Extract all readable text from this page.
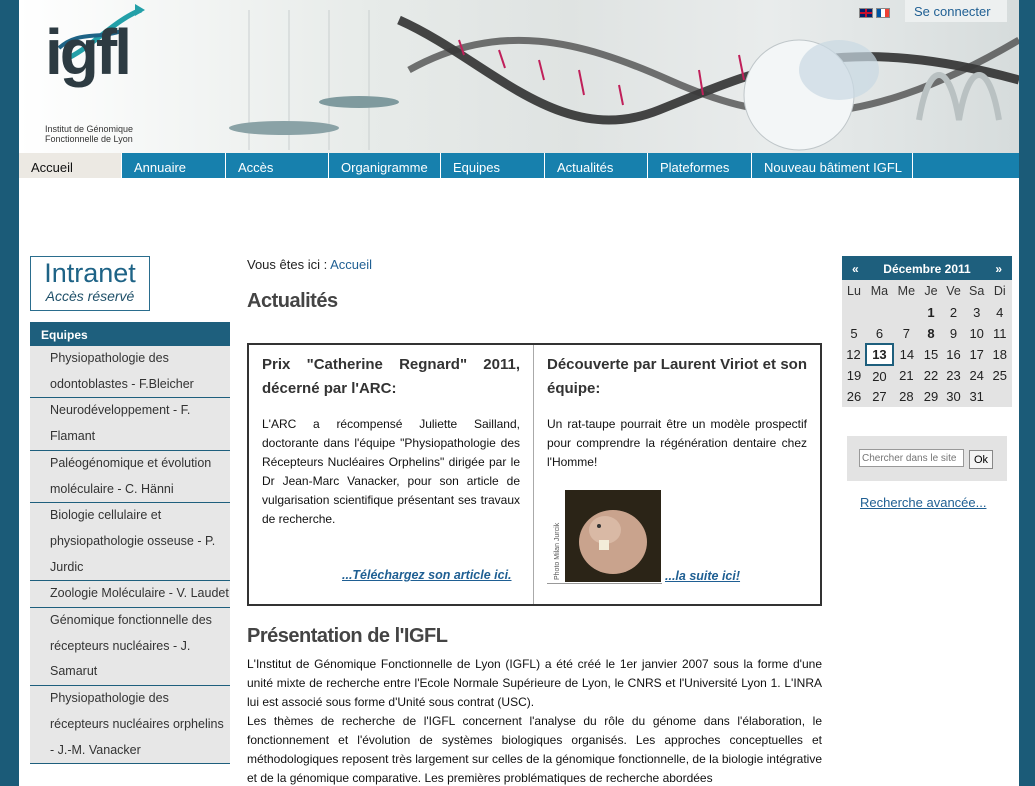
igfl
Institut de Génomique Fonctionnelle de Lyon
Se connecter
Accueil	Annuaire	Accès	Organigramme	Equipes	Actualités	Plateformes	Nouveau bâtiment IGFL
Intranet
Accès réservé
Equipes
Physiopathologie des odontoblastes - F.Bleicher
Neurodéveloppement - F. Flamant
Paléogénomique et évolution moléculaire - C. Hänni
Biologie cellulaire et physiopathologie osseuse - P. Jurdic
Zoologie Moléculaire - V. Laudet
Génomique fonctionnelle des récepteurs nucléaires - J. Samarut
Physiopathologie des récepteurs nucléaires orphelins - J.-M. Vanacker
Vous êtes ici : Accueil
Actualités
Prix "Catherine Regnard" 2011, décerné par l'ARC:

L'ARC a récompensé Juliette Sailland, doctorante dans l'équipe "Physiopathologie des Récepteurs Nucléaires Orphelins" dirigée par le Dr Jean-Marc Vanacker, pour son article de vulgarisation scientifique présentant ses travaux de recherche.

...Téléchargez son article ici.
Découverte par Laurent Viriot et son équipe:

Un rat-taupe pourrait être un modèle prospectif pour comprendre la régénération dentaire chez l'Homme!

Photo Milan Jurcik	...la suite ici!
Présentation de l'IGFL

L'Institut de Génomique Fonctionnelle de Lyon (IGFL) a été créé le 1er janvier 2007 sous la forme d'une unité mixte de recherche entre l'Ecole Normale Supérieure de Lyon, le CNRS et l'Université Lyon 1. L'INRA lui est associé sous forme d'Unité sous contrat (USC).

Les thèmes de recherche de l'IGFL concernent l'analyse du rôle du génome dans l'élaboration, le fonctionnement et l'évolution de systèmes biologiques organisés. Les approches conceptuelles et méthodologiques reposent très largement sur celles de la génomique fonctionnelle, de la biologie intégrative et de la génomique comparative. Les premières problématiques de recherche abordées

« Décembre 2011 »
Lu	Ma	Me	Je	Ve	Sa	Di
			1	2	3	4
5	6	7	8	9	10	11
12	13	14	15	16	17	18
19	20	21	22	23	24	25
26	27	28	29	30	31	
Chercher dans le site
Ok
Recherche avancée...
